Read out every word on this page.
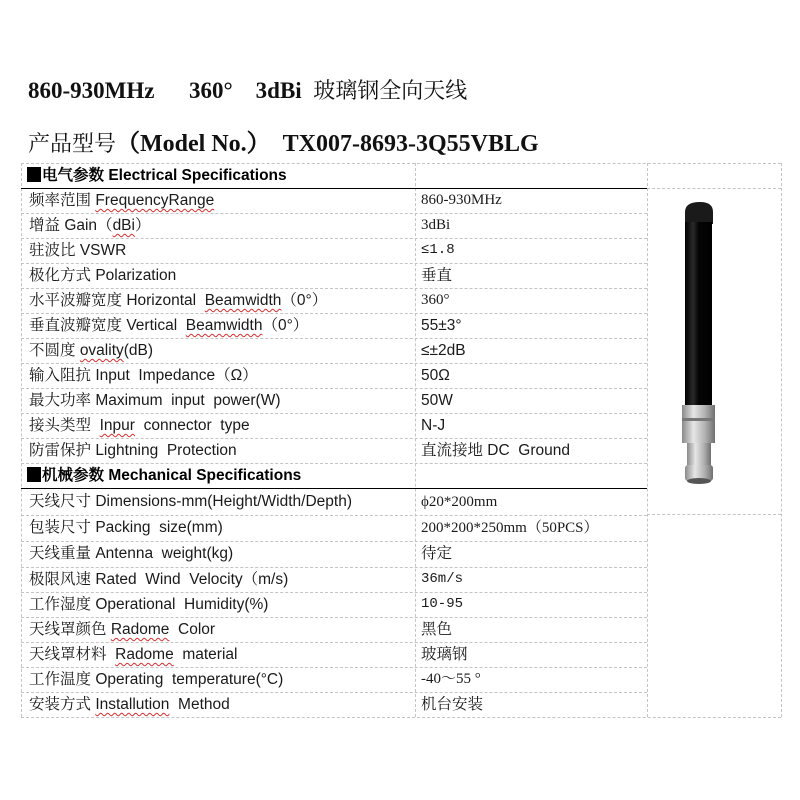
860-930MHz      360°    3dBi  玻璃钢全向天线
产品型号（Model No.）  TX007-8693-3Q55VBLG
电气参数 Electrical Specifications
频率范围 FrequencyRange	860-930MHz
增益 Gain（dBi）	3dBi
驻波比 VSWR	≤1.8
极化方式 Polarization	垂直
水平波瓣宽度 Horizontal  Beamwidth（0°）	360°
垂直波瓣宽度 Vertical  Beamwidth（0°）	55±3°
不圆度 ovality(dB)	≤±2dB
输入阻抗 Input  Impedance（Ω）	50Ω
最大功率 Maximum  input  power(W)	50W
接头类型  Inpur  connector  type	N-J
防雷保护 Lightning  Protection	直流接地 DC  Ground
机械参数 Mechanical Specifications
天线尺寸 Dimensions-mm(Height/Width/Depth)	ϕ20*200mm
包装尺寸 Packing  size(mm)	200*200*250mm（50PCS）
天线重量 Antenna  weight(kg)	待定
极限风速 Rated  Wind  Velocity（m/s)	36m/s
工作湿度 Operational  Humidity(%)	10-95
天线罩颜色 Radome  Color	黑色
天线罩材料  Radome  material	玻璃钢
工作温度 Operating  temperature(°C)	-40～55 °
安装方式 Installution  Method	机台安装
